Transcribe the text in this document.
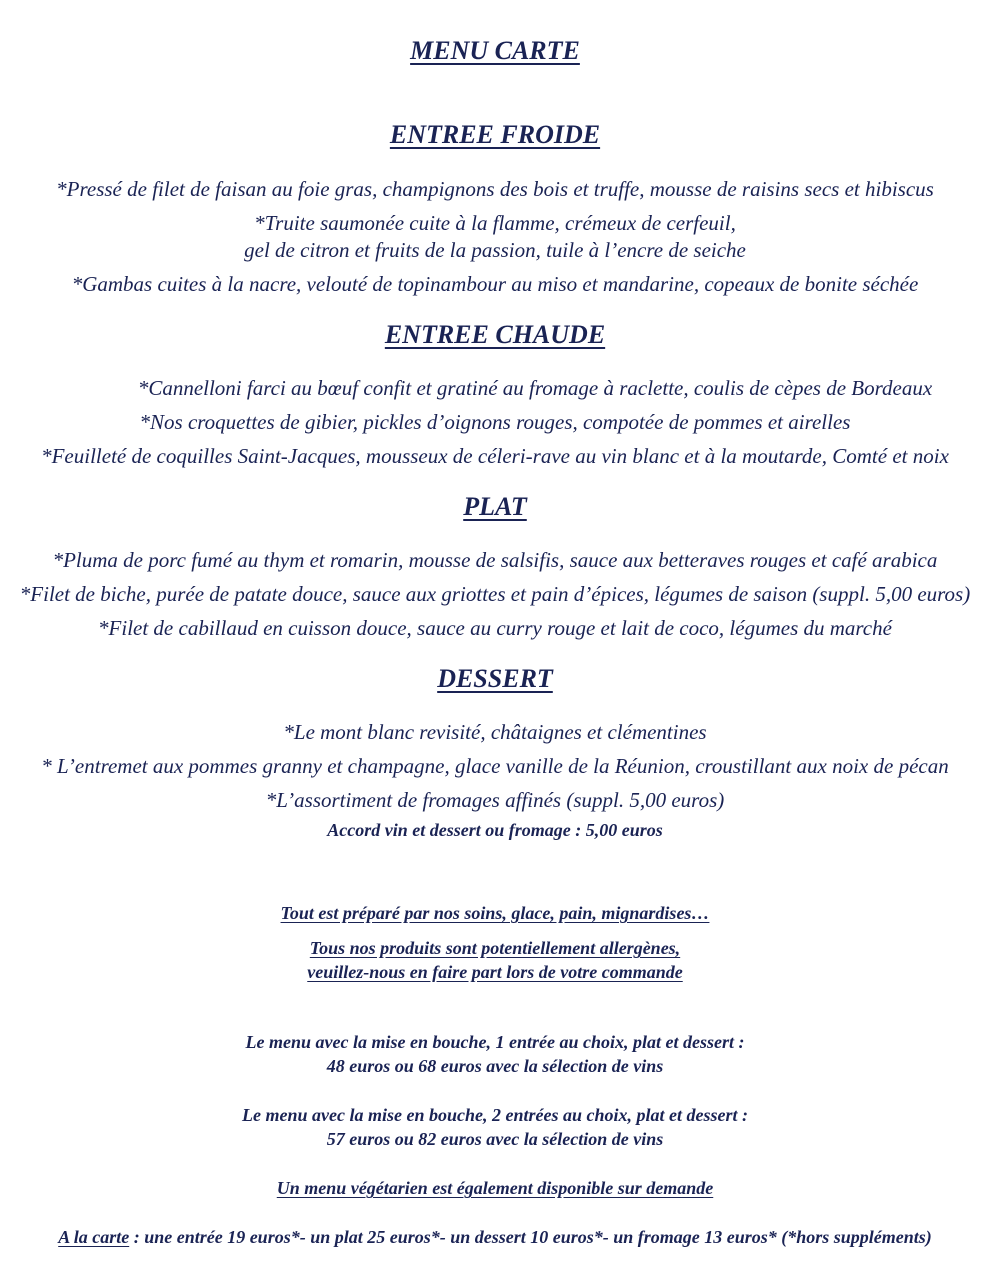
MENU CARTE
ENTREE FROIDE
*Pressé de filet de faisan au foie gras, champignons des bois et truffe, mousse de raisins secs et hibiscus
*Truite saumonée cuite à la flamme, crémeux de cerfeuil,
gel de citron et fruits de la passion, tuile à l’encre de seiche
*Gambas cuites à la nacre, velouté de topinambour au miso et mandarine, copeaux de bonite séchée
ENTREE CHAUDE
*Cannelloni farci au bœuf confit et gratiné au fromage à raclette, coulis de cèpes de Bordeaux
*Nos croquettes de gibier, pickles d’oignons rouges, compotée de pommes et airelles
*Feuilleté de coquilles Saint-Jacques, mousseux de céleri-rave au vin blanc et à la moutarde, Comté et noix
PLAT
*Pluma de porc fumé au thym et romarin, mousse de salsifis, sauce aux betteraves rouges et café arabica
*Filet de biche, purée de patate douce, sauce aux griottes et pain d’épices, légumes de saison (suppl. 5,00 euros)
*Filet de cabillaud en cuisson douce, sauce au curry rouge et lait de coco, légumes du marché
DESSERT
*Le mont blanc revisité, châtaignes et clémentines
* L’entremet aux pommes granny et champagne, glace vanille de la Réunion, croustillant aux noix de pécan
*L’assortiment de fromages affinés (suppl. 5,00 euros)
Accord vin et dessert ou fromage : 5,00 euros
Tout est préparé par nos soins, glace, pain, mignardises…
Tous nos produits sont potentiellement allergènes,
veuillez-nous en faire part lors de votre commande
Le menu avec la mise en bouche, 1 entrée au choix, plat et dessert :
48 euros ou 68 euros avec la sélection de vins
Le menu avec la mise en bouche, 2 entrées au choix, plat et dessert :
57 euros ou 82 euros avec la sélection de vins
Un menu végétarien est également disponible sur demande
A la carte : une entrée 19 euros*- un plat 25 euros*- un dessert 10 euros*- un fromage 13 euros* (*hors suppléments)
